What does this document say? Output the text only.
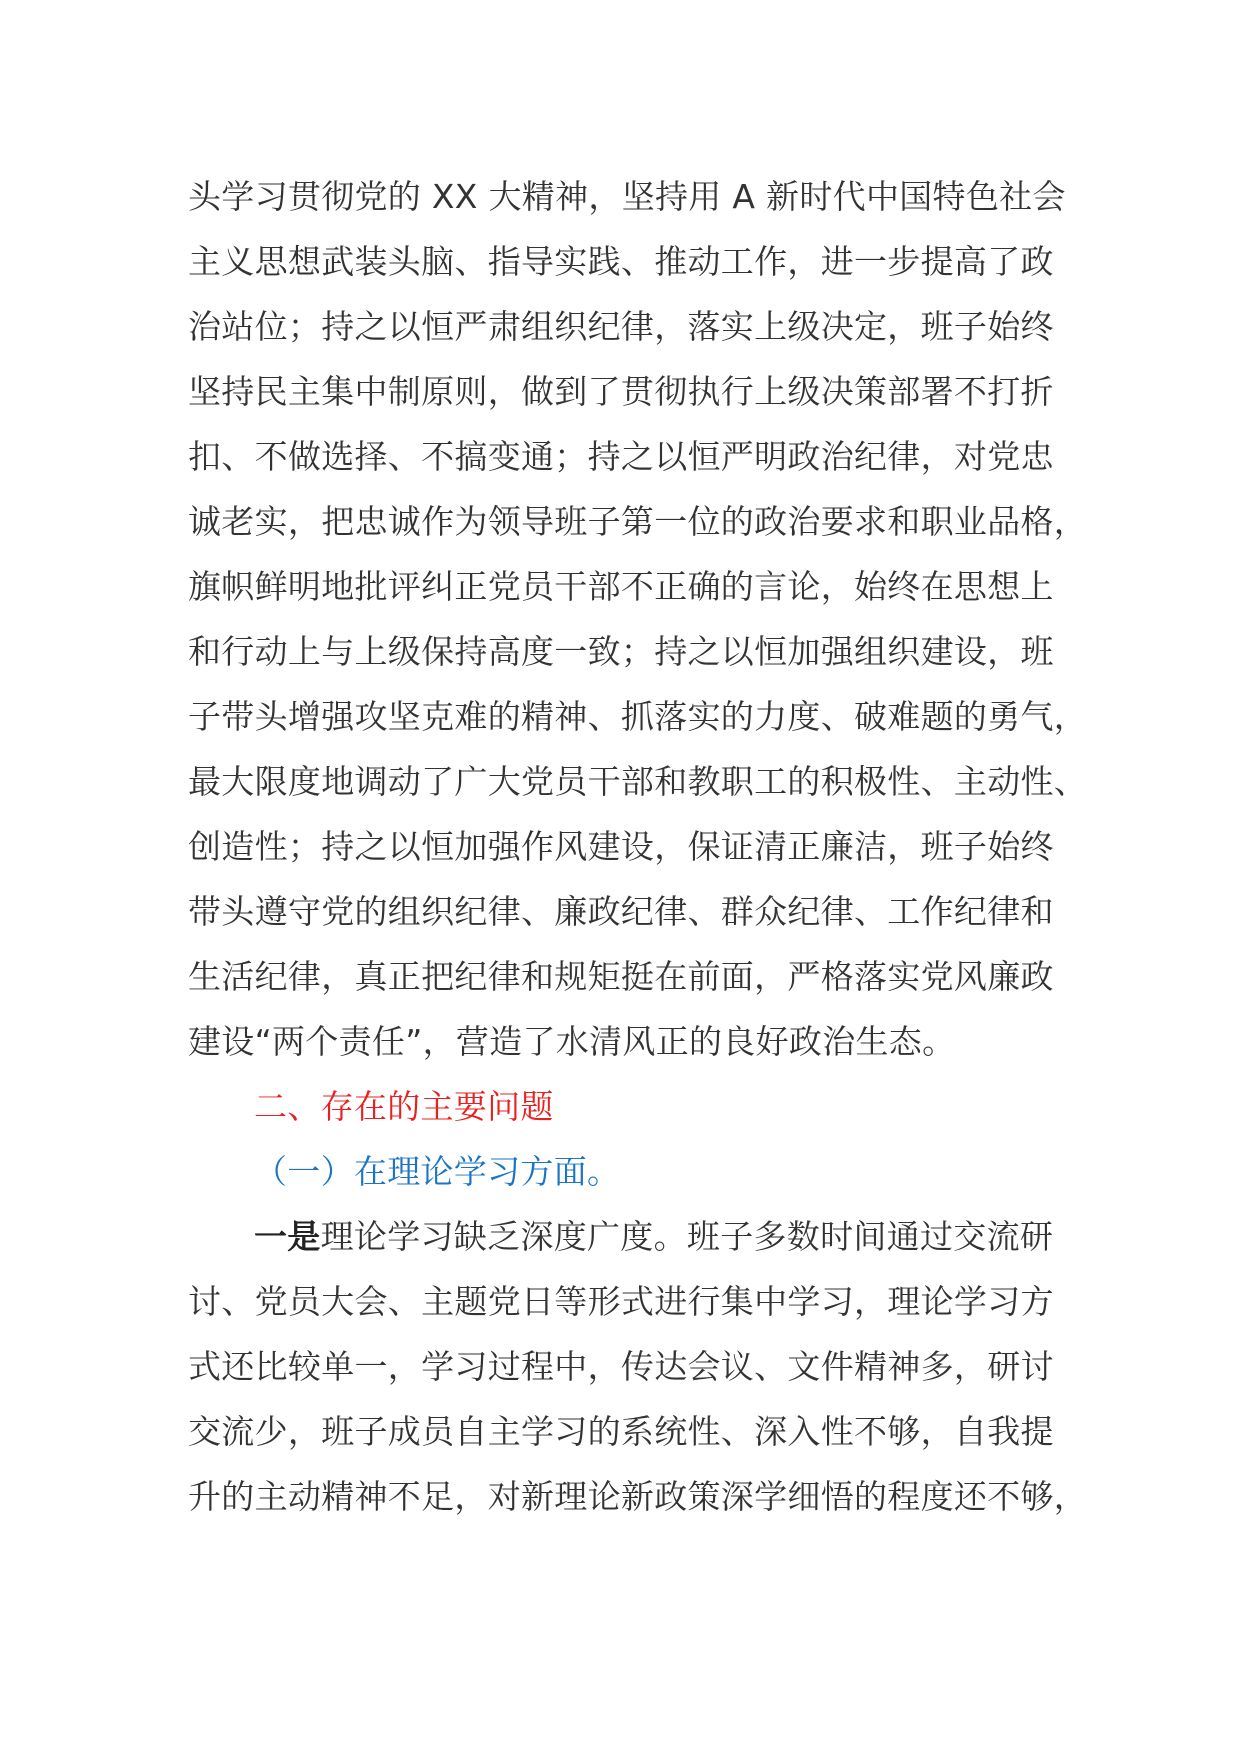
头学习贯彻党的 XX 大精神，坚持用 A 新时代中国特色社会
主义思想武装头脑、指导实践、推动工作，进一步提高了政
治站位；持之以恒严肃组织纪律，落实上级决定，班子始终
坚持民主集中制原则，做到了贯彻执行上级决策部署不打折
扣、不做选择、不搞变通；持之以恒严明政治纪律，对党忠
诚老实，把忠诚作为领导班子第一位的政治要求和职业品格，
旗帜鲜明地批评纠正党员干部不正确的言论，始终在思想上
和行动上与上级保持高度一致；持之以恒加强组织建设，班
子带头增强攻坚克难的精神、抓落实的力度、破难题的勇气，
最大限度地调动了广大党员干部和教职工的积极性、主动性、
创造性；持之以恒加强作风建设，保证清正廉洁，班子始终
带头遵守党的组织纪律、廉政纪律、群众纪律、工作纪律和
生活纪律，真正把纪律和规矩挺在前面，严格落实党风廉政
建设“两个责任”，营造了水清风正的良好政治生态。
二、存在的主要问题
（一）在理论学习方面。
一是理论学习缺乏深度广度。班子多数时间通过交流研
讨、党员大会、主题党日等形式进行集中学习，理论学习方
式还比较单一，学习过程中，传达会议、文件精神多，研讨
交流少，班子成员自主学习的系统性、深入性不够，自我提
升的主动精神不足，对新理论新政策深学细悟的程度还不够，
